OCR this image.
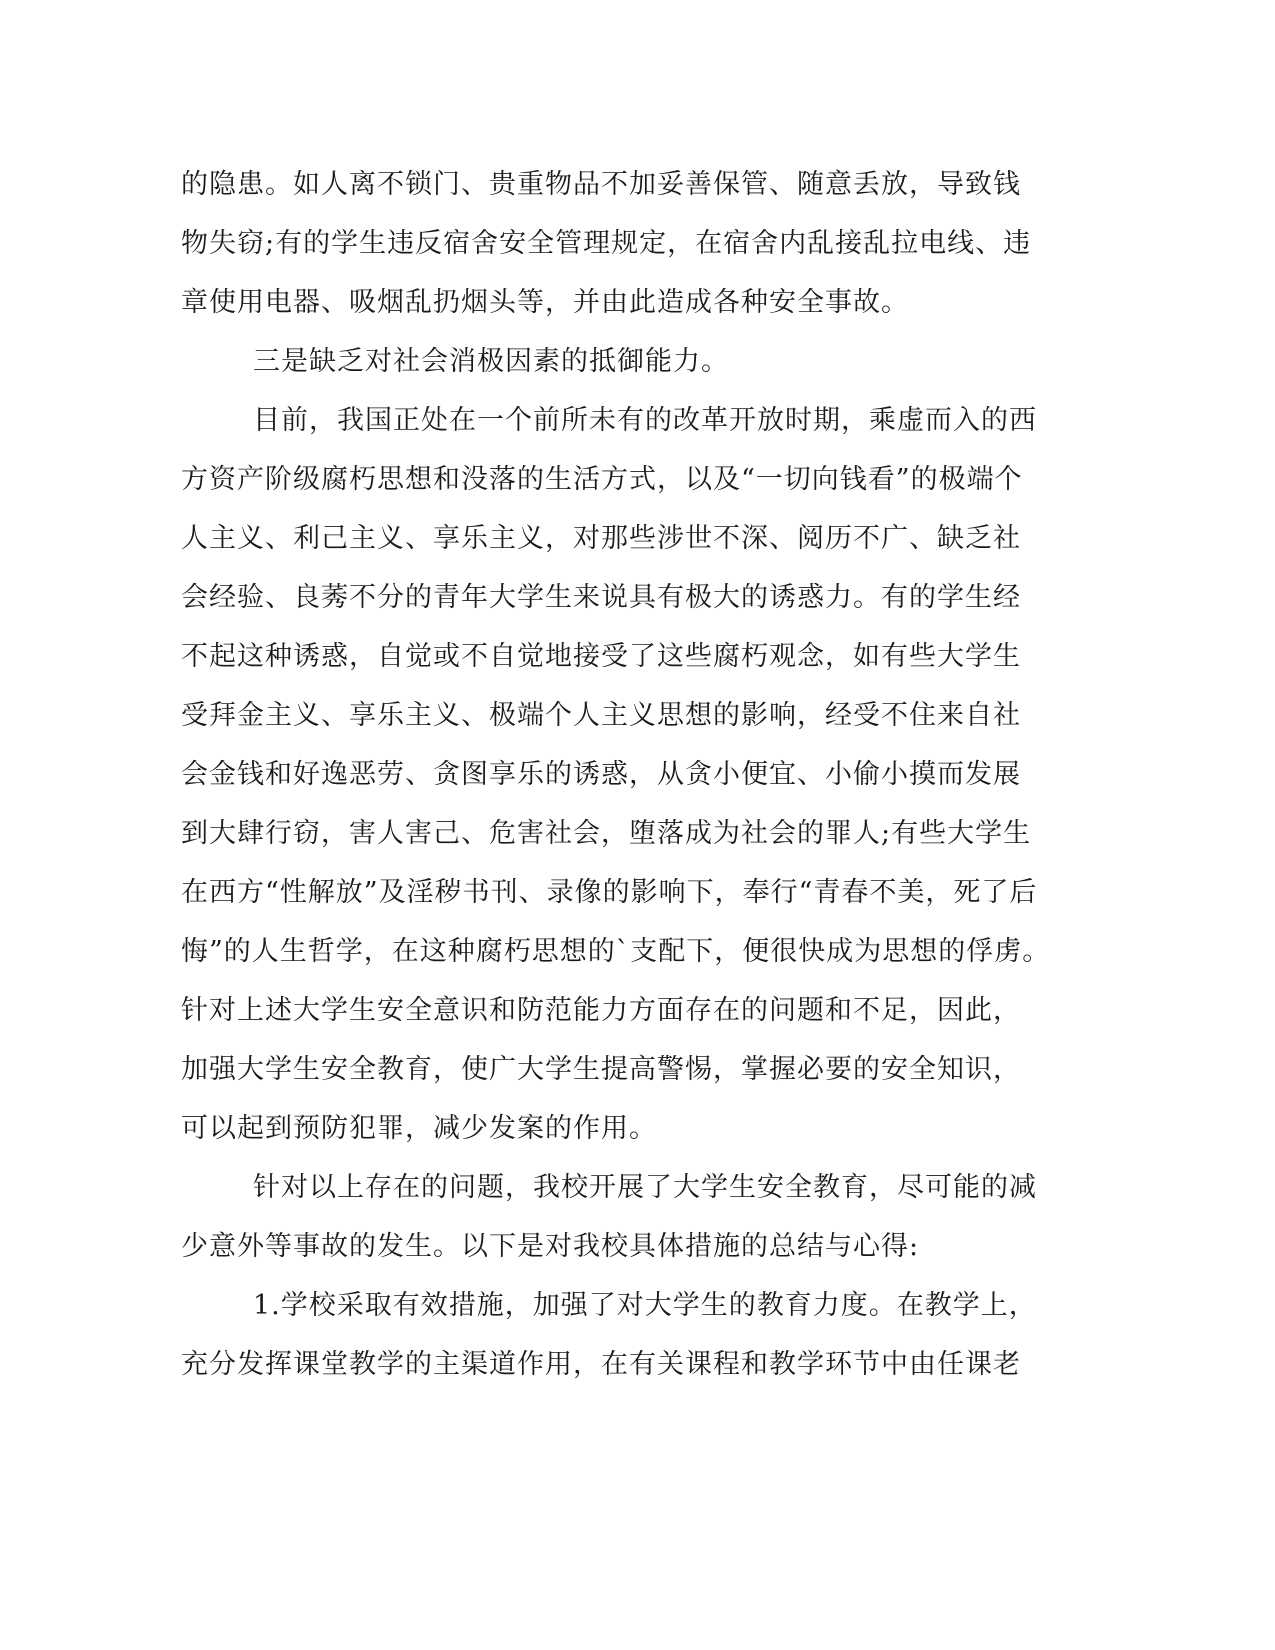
的隐患。如人离不锁门、贵重物品不加妥善保管、随意丢放，导致钱
物失窃;有的学生违反宿舍安全管理规定，在宿舍内乱接乱拉电线、违
章使用电器、吸烟乱扔烟头等，并由此造成各种安全事故。
三是缺乏对社会消极因素的抵御能力。
目前，我国正处在一个前所未有的改革开放时期，乘虚而入的西
方资产阶级腐朽思想和没落的生活方式，以及“一切向钱看”的极端个
人主义、利己主义、享乐主义，对那些涉世不深、阅历不广、缺乏社
会经验、良莠不分的青年大学生来说具有极大的诱惑力。有的学生经
不起这种诱惑，自觉或不自觉地接受了这些腐朽观念，如有些大学生
受拜金主义、享乐主义、极端个人主义思想的影响，经受不住来自社
会金钱和好逸恶劳、贪图享乐的诱惑，从贪小便宜、小偷小摸而发展
到大肆行窃，害人害己、危害社会，堕落成为社会的罪人;有些大学生
在西方“性解放”及淫秽书刊、录像的影响下，奉行“青春不美，死了后
悔”的人生哲学，在这种腐朽思想的`支配下，便很快成为思想的俘虏。
针对上述大学生安全意识和防范能力方面存在的问题和不足，因此，
加强大学生安全教育，使广大学生提高警惕，掌握必要的安全知识，
可以起到预防犯罪，减少发案的作用。
针对以上存在的问题，我校开展了大学生安全教育，尽可能的减
少意外等事故的发生。以下是对我校具体措施的总结与心得:
1.学校采取有效措施，加强了对大学生的教育力度。在教学上，
充分发挥课堂教学的主渠道作用，在有关课程和教学环节中由任课老
